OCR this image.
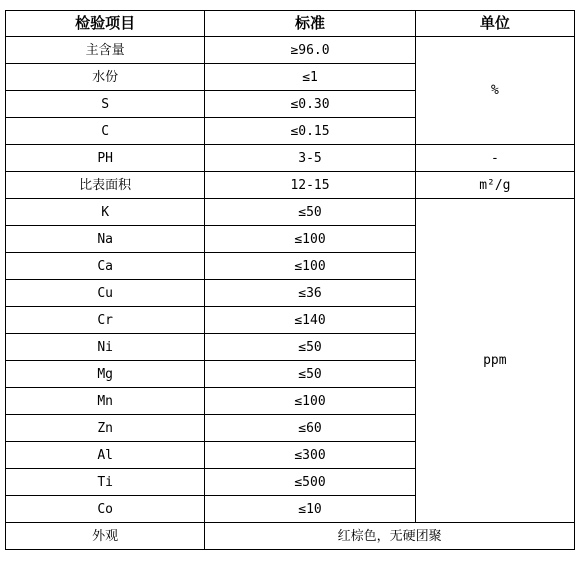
检验项目	标准	单位
主含量	≥96.0	%
水份	≤1	
S	≤0.30	
C	≤0.15	
PH	3-5	-
比表面积	12-15	m²/g
K	≤50	ppm
Na	≤100	
Ca	≤100	
Cu	≤36	
Cr	≤140	
Ni	≤50	
Mg	≤50	
Mn	≤100	
Zn	≤60	
Al	≤300	
Ti	≤500	
Co	≤10	
外观	红棕色，无硬团聚	
